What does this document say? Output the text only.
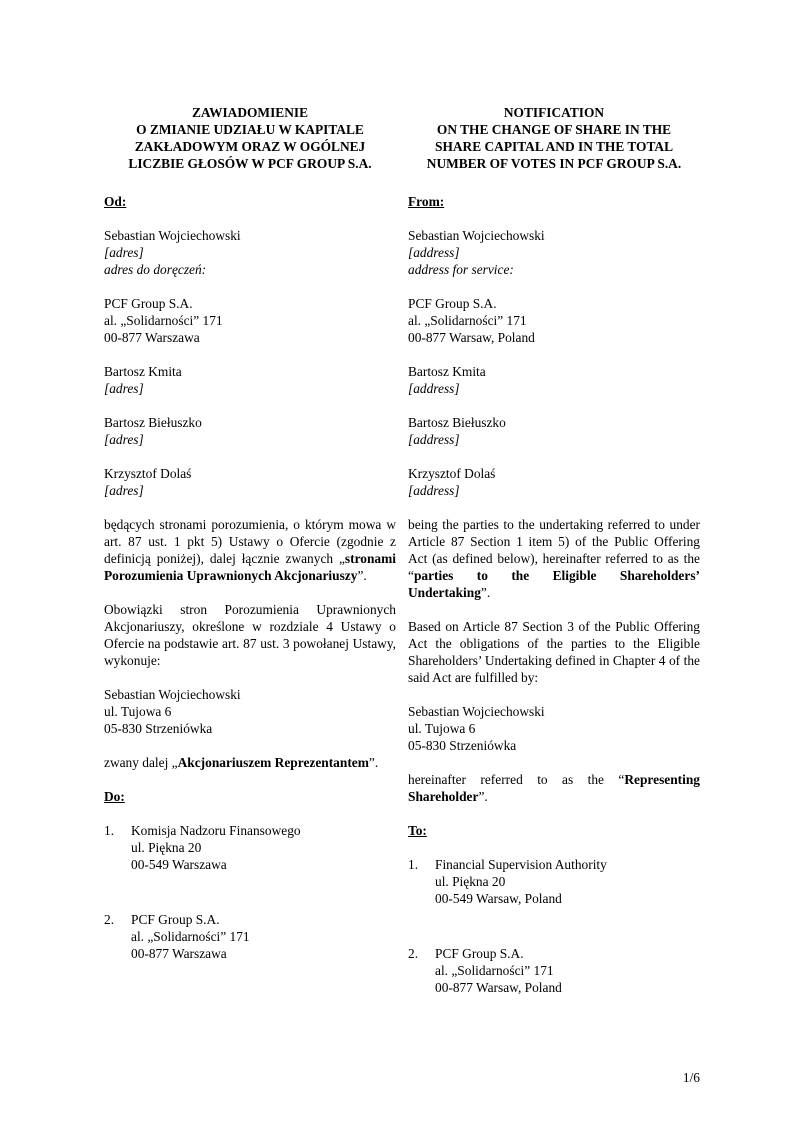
ZAWIADOMIENIE
O ZMIANIE UDZIAŁU W KAPITALE
ZAKŁADOWYM ORAZ W OGÓLNEJ
LICZBIE GŁOSÓW W PCF GROUP S.A.
Od:
Sebastian Wojciechowski
[adres]
adres do doręczeń:
PCF Group S.A.
al. „Solidarności” 171
00-877 Warszawa
Bartosz Kmita
[adres]
Bartosz Biełuszko
[adres]
Krzysztof Dolaś
[adres]

będących stronami porozumienia, o którym mowa w art. 87 ust. 1 pkt 5) Ustawy o Ofercie (zgodnie z definicją poniżej), dalej łącznie zwanych „stronami Porozumienia Uprawnionych Akcjonariuszy”.

Obowiązki stron Porozumienia Uprawnionych Akcjonariuszy, określone w rozdziale 4 Ustawy o Ofercie na podstawie art. 87 ust. 3 powołanej Ustawy, wykonuje:

Sebastian Wojciechowski
ul. Tujowa 6
05-830 Strzeniówka

zwany dalej „Akcjonariuszem Reprezentantem”.

Do:
1.	Komisja Nadzoru Finansowego
ul. Piękna 20
00-549 Warszawa
2.	PCF Group S.A.
al. „Solidarności” 171
00-877 Warszawa
NOTIFICATION
ON THE CHANGE OF SHARE IN THE
SHARE CAPITAL AND IN THE TOTAL
NUMBER OF VOTES IN PCF GROUP S.A.
From:
Sebastian Wojciechowski
[address]
address for service:
PCF Group S.A.
al. „Solidarności” 171
00-877 Warsaw, Poland
Bartosz Kmita
[address]
Bartosz Biełuszko
[address]
Krzysztof Dolaś
[address]

being the parties to the undertaking referred to under Article 87 Section 1 item 5) of the Public Offering Act (as defined below), hereinafter referred to as the “parties to the Eligible Shareholders’ Undertaking”.

Based on Article 87 Section 3 of the Public Offering Act the obligations of the parties to the Eligible Shareholders’ Undertaking defined in Chapter 4 of the said Act are fulfilled by:

Sebastian Wojciechowski
ul. Tujowa 6
05-830 Strzeniówka

hereinafter referred to as the “Representing Shareholder”.

To:
1.	Financial Supervision Authority
ul. Piękna 20
00-549 Warsaw, Poland
2.	PCF Group S.A.
al. „Solidarności” 171
00-877 Warsaw, Poland
1/6
